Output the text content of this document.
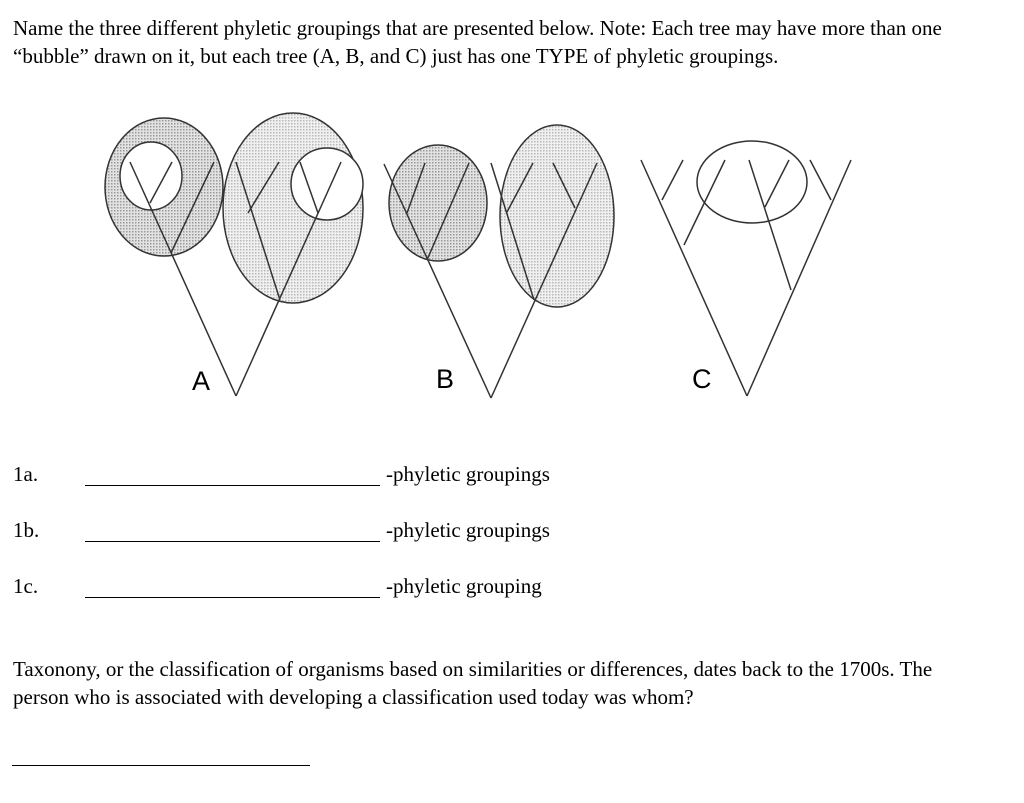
Name the three different phyletic groupings that are presented below. Note: Each tree may have more than one “bubble” drawn on it, but each tree (A, B, and C) just has one TYPE of phyletic groupings.
A	B	C
1a.	-phyletic groupings
1b.	-phyletic groupings
1c.	-phyletic grouping
Taxonony, or the classification of organisms based on similarities or differences, dates back to the 1700s. The person who is associated with developing a classification used today was whom?
